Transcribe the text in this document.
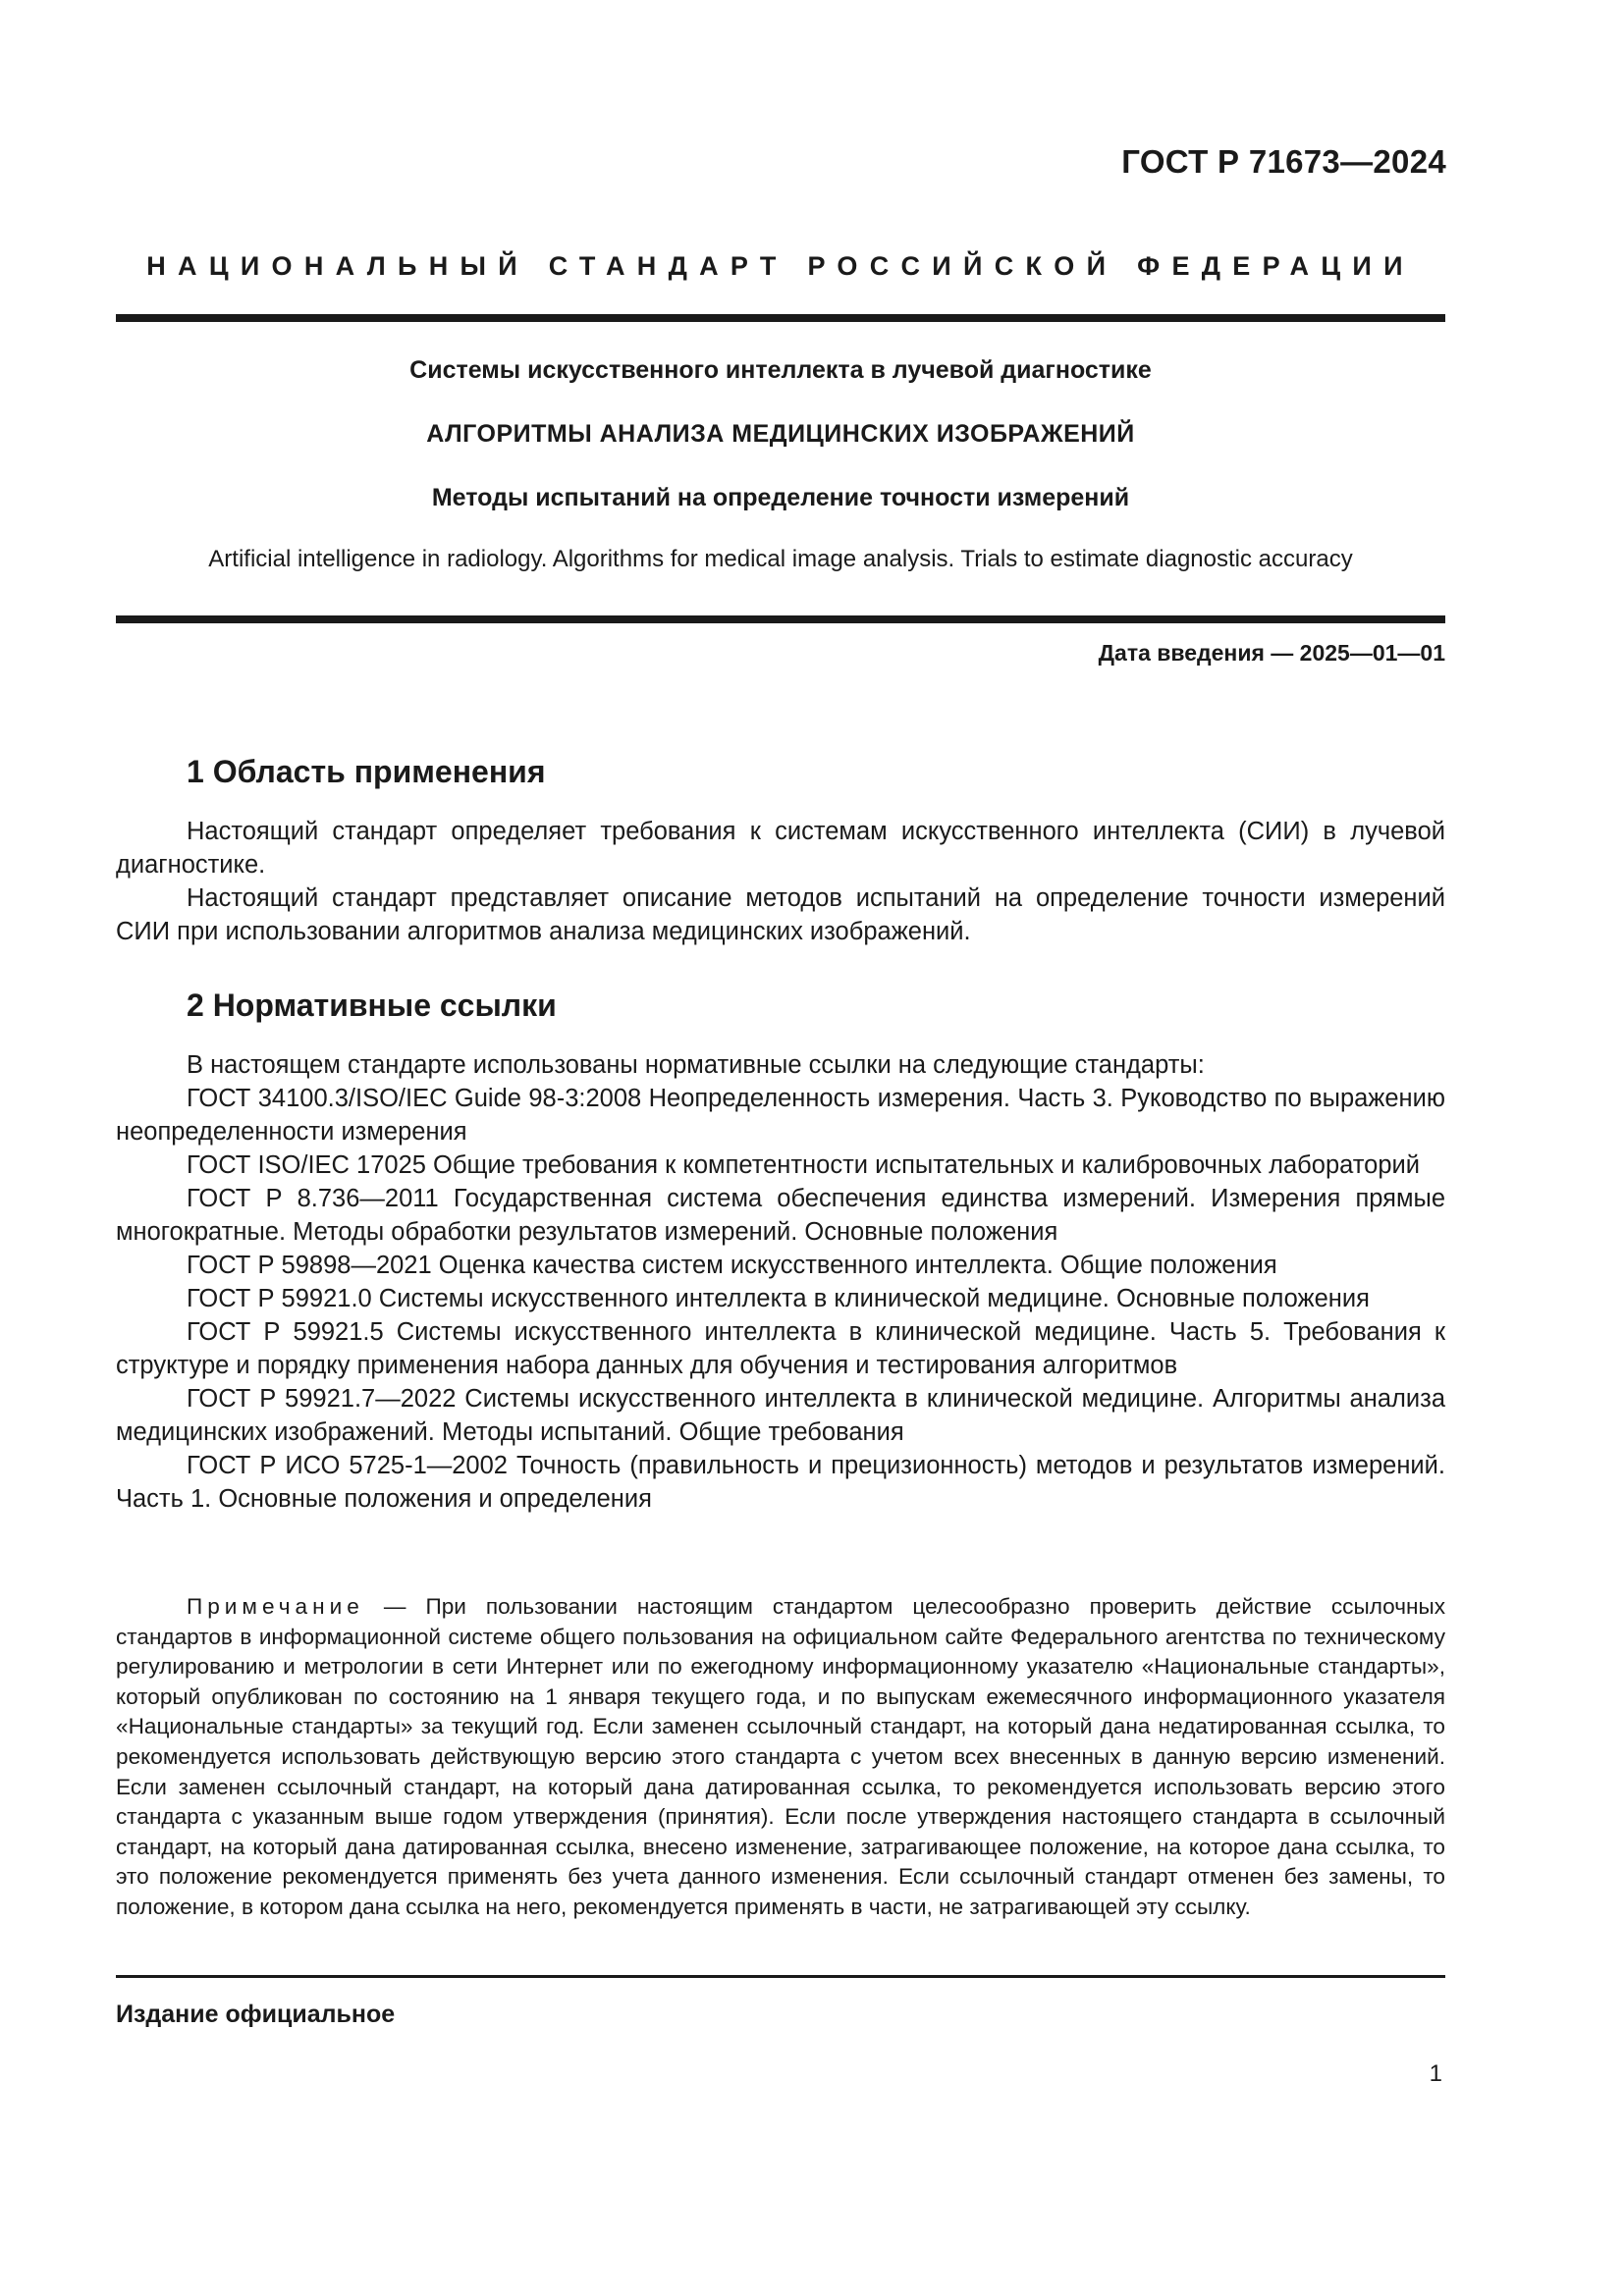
ГОСТ Р 71673—2024
НАЦИОНАЛЬНЫЙ СТАНДАРТ РОССИЙСКОЙ ФЕДЕРАЦИИ
Системы искусственного интеллекта в лучевой диагностике
АЛГОРИТМЫ АНАЛИЗА МЕДИЦИНСКИХ ИЗОБРАЖЕНИЙ
Методы испытаний на определение точности измерений
Artificial intelligence in radiology. Algorithms for medical image analysis. Trials to estimate diagnostic accuracy
Дата введения — 2025—01—01
1 Область применения

Настоящий стандарт определяет требования к системам искусственного интеллекта (СИИ) в лучевой диагностике.

Настоящий стандарт представляет описание методов испытаний на определение точности измерений СИИ при использовании алгоритмов анализа медицинских изображений.

2 Нормативные ссылки

В настоящем стандарте использованы нормативные ссылки на следующие стандарты:

ГОСТ 34100.3/ISO/IEC Guide 98-3:2008 Неопределенность измерения. Часть 3. Руководство по выражению неопределенности измерения

ГОСТ ISO/IEC 17025 Общие требования к компетентности испытательных и калибровочных лабораторий

ГОСТ Р 8.736—2011 Государственная система обеспечения единства измерений. Измерения прямые многократные. Методы обработки результатов измерений. Основные положения

ГОСТ Р 59898—2021 Оценка качества систем искусственного интеллекта. Общие положения

ГОСТ Р 59921.0 Системы искусственного интеллекта в клинической медицине. Основные положения

ГОСТ Р 59921.5 Системы искусственного интеллекта в клинической медицине. Часть 5. Требования к структуре и порядку применения набора данных для обучения и тестирования алгоритмов

ГОСТ Р 59921.7—2022 Системы искусственного интеллекта в клинической медицине. Алгоритмы анализа медицинских изображений. Методы испытаний. Общие требования

ГОСТ Р ИСО 5725-1—2002 Точность (правильность и прецизионность) методов и результатов измерений. Часть 1. Основные положения и определения

Примечание — При пользовании настоящим стандартом целесообразно проверить действие ссылочных стандартов в информационной системе общего пользования на официальном сайте Федерального агентства по техническому регулированию и метрологии в сети Интернет или по ежегодному информационному указателю «Национальные стандарты», который опубликован по состоянию на 1 января текущего года, и по выпускам ежемесячного информационного указателя «Национальные стандарты» за текущий год. Если заменен ссылочный стандарт, на который дана недатированная ссылка, то рекомендуется использовать действующую версию этого стандарта с учетом всех внесенных в данную версию изменений. Если заменен ссылочный стандарт, на который дана датированная ссылка, то рекомендуется использовать версию этого стандарта с указанным выше годом утверждения (принятия). Если после утверждения настоящего стандарта в ссылочный стандарт, на который дана датированная ссылка, внесено изменение, затрагивающее положение, на которое дана ссылка, то это положение рекомендуется применять без учета данного изменения. Если ссылочный стандарт отменен без замены, то положение, в котором дана ссылка на него, рекомендуется применять в части, не затрагивающей эту ссылку.

Издание официальное
1
